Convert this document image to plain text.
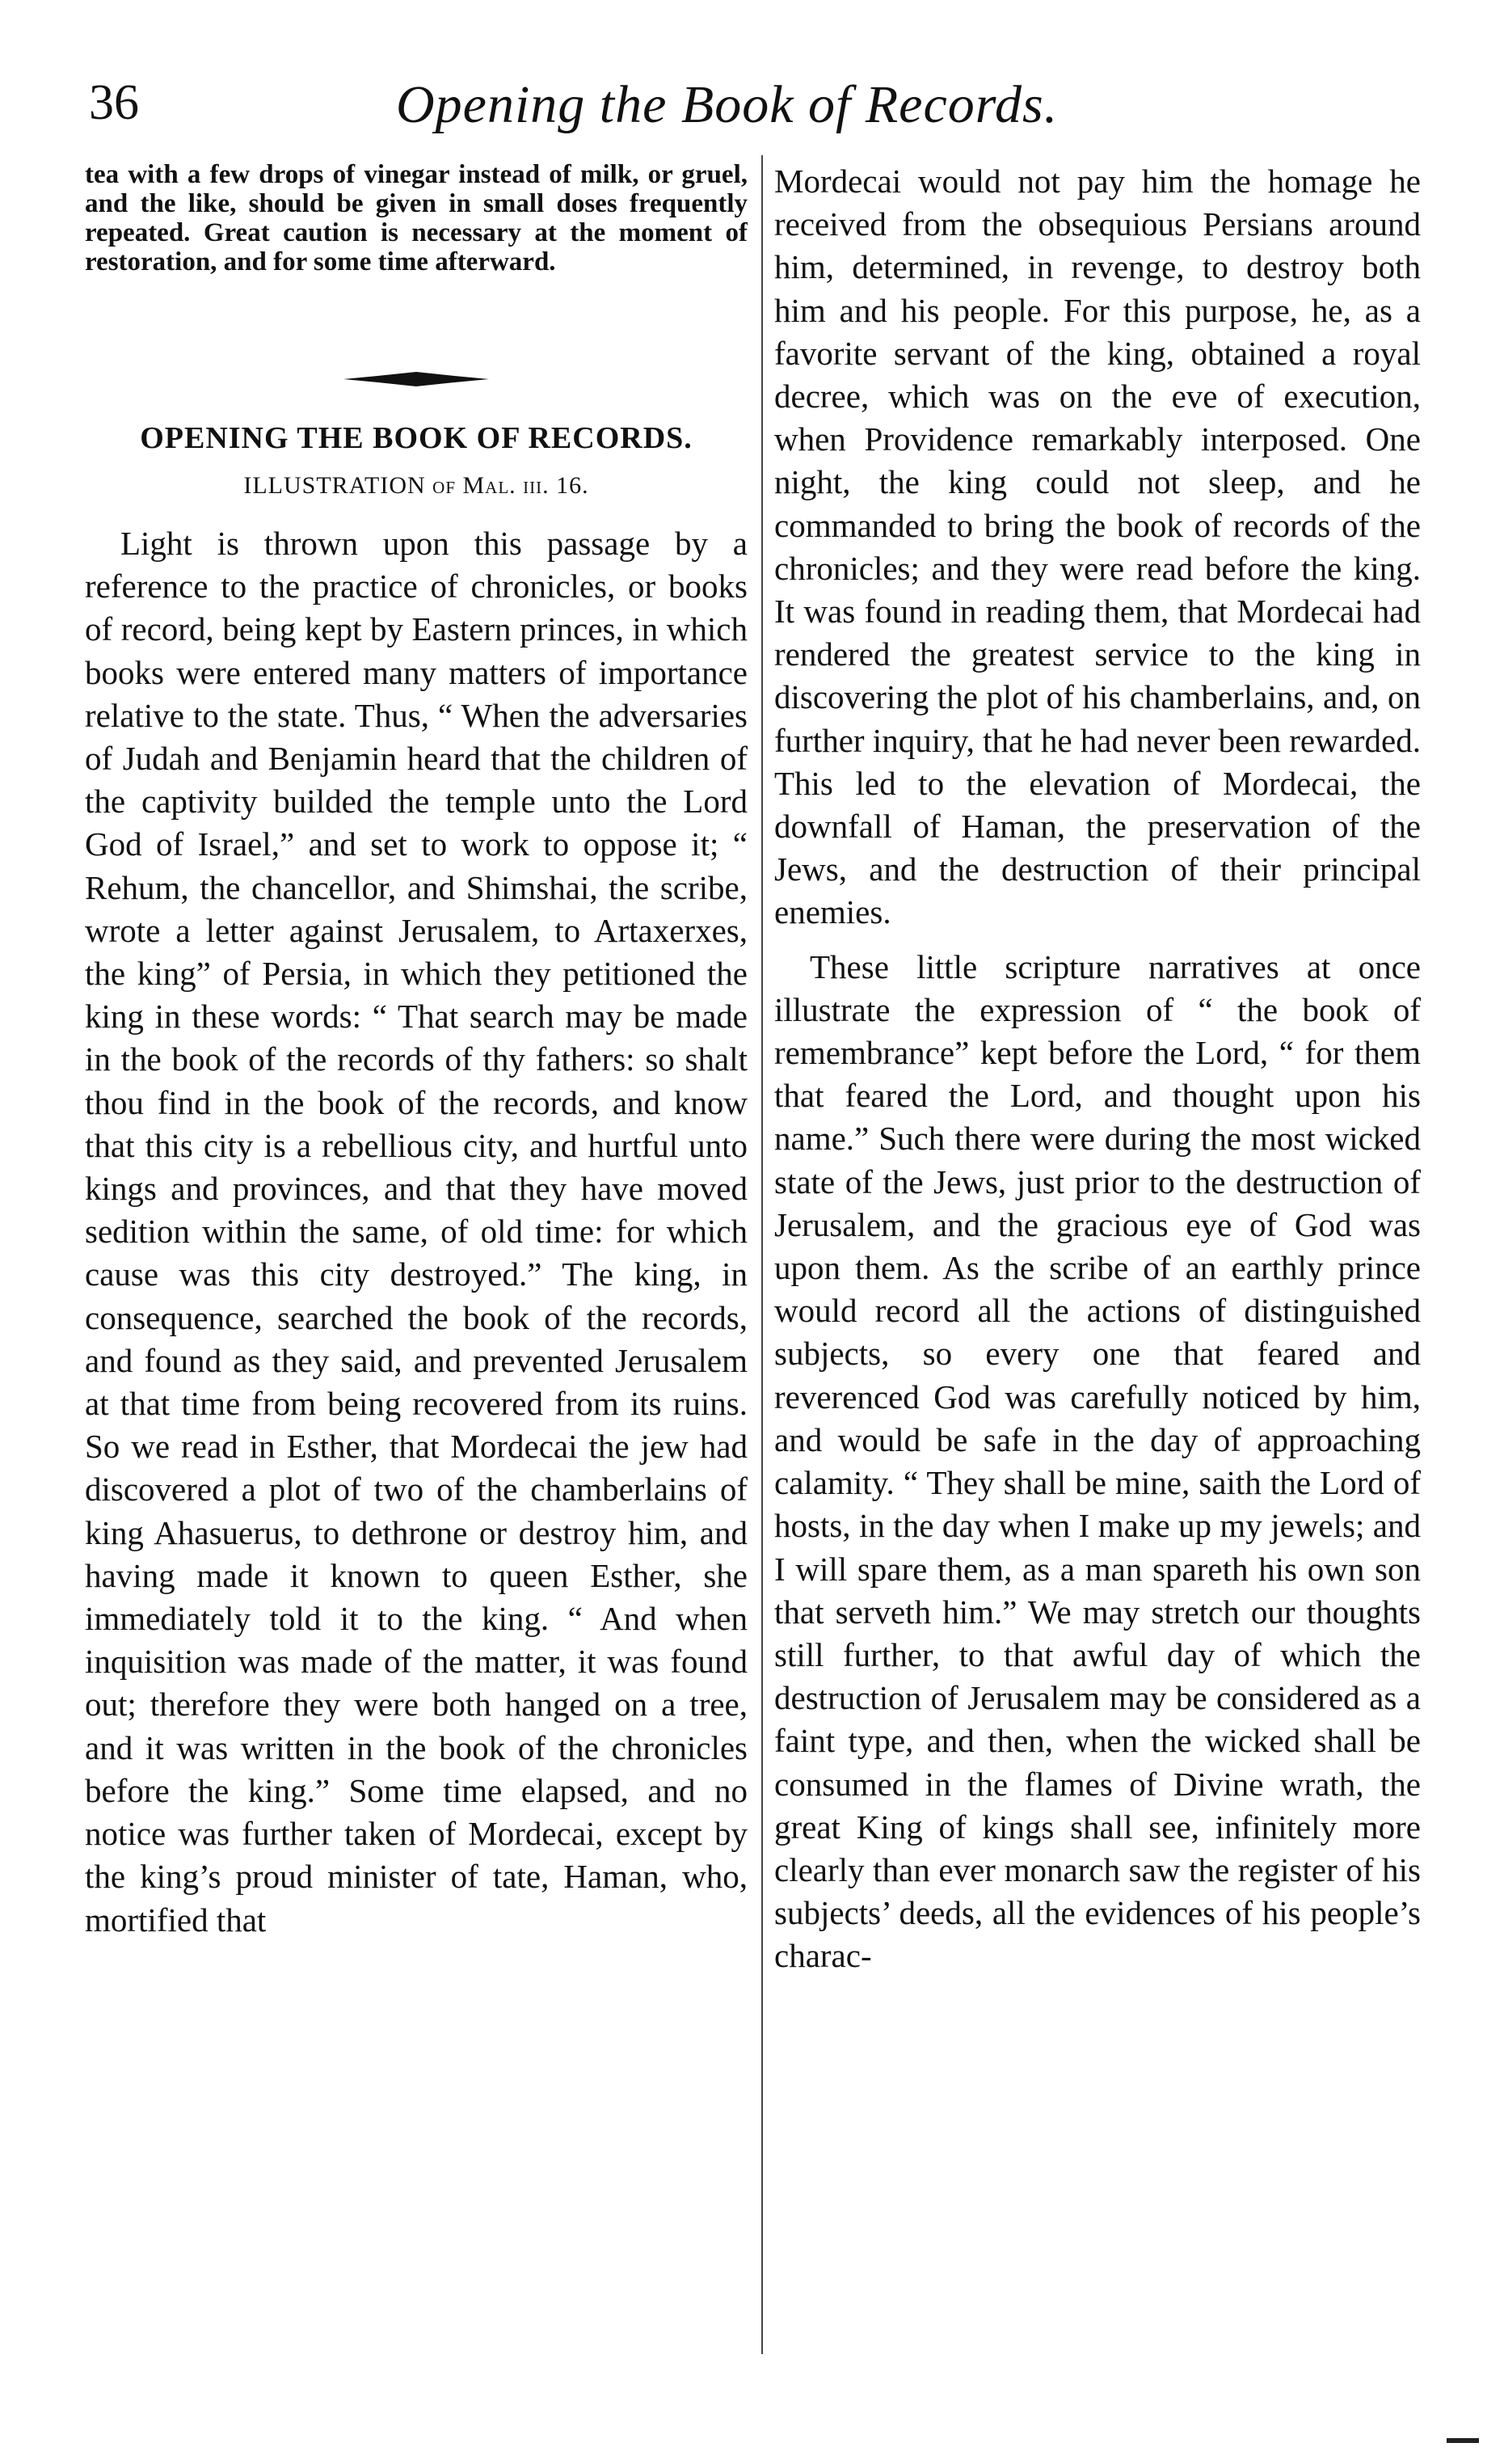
36	Opening the Book of Records.

tea with a few drops of vinegar instead of milk, or gruel, and the like, should be given in small doses frequently repeated. Great caution is necessary at the moment of restoration, and for some time afterward.

OPENING THE BOOK OF RECORDS.
ILLUSTRATION of Mal. iii. 16.

Light is thrown upon this passage by a reference to the practice of chronicles, or books of record, being kept by Eastern princes, in which books were entered many matters of importance relative to the state. Thus, “ When the adversaries of Judah and Benjamin heard that the children of the captivity builded the temple unto the Lord God of Israel,” and set to work to oppose it; “ Rehum, the chancellor, and Shimshai, the scribe, wrote a letter against Jerusalem, to Artaxerxes, the king” of Persia, in which they petitioned the king in these words: “ That search may be made in the book of the records of thy fathers: so shalt thou find in the book of the records, and know that this city is a rebellious city, and hurtful unto kings and provinces, and that they have moved sedition within the same, of old time: for which cause was this city destroyed.” The king, in consequence, searched the book of the records, and found as they said, and prevented Jerusalem at that time from being recovered from its ruins. So we read in Esther, that Mordecai the jew had discovered a plot of two of the chamberlains of king Ahasuerus, to dethrone or destroy him, and having made it known to queen Esther, she immediately told it to the king. “ And when inquisition was made of the matter, it was found out; therefore they were both hanged on a tree, and it was written in the book of the chronicles before the king.” Some time elapsed, and no notice was further taken of Mordecai, except by the king’s proud minister of tate, Haman, who, mortified that

Mordecai would not pay him the homage he received from the obsequious Persians around him, determined, in revenge, to destroy both him and his people. For this purpose, he, as a favorite servant of the king, obtained a royal decree, which was on the eve of execution, when Providence remarkably interposed. One night, the king could not sleep, and he commanded to bring the book of records of the chronicles; and they were read before the king. It was found in reading them, that Mordecai had rendered the greatest service to the king in discovering the plot of his chamberlains, and, on further inquiry, that he had never been rewarded. This led to the elevation of Mordecai, the downfall of Haman, the preservation of the Jews, and the destruction of their principal enemies.

These little scripture narratives at once illustrate the expression of “ the book of remembrance” kept before the Lord, “ for them that feared the Lord, and thought upon his name.” Such there were during the most wicked state of the Jews, just prior to the destruction of Jerusalem, and the gracious eye of God was upon them. As the scribe of an earthly prince would record all the actions of distinguished subjects, so every one that feared and reverenced God was carefully noticed by him, and would be safe in the day of approaching calamity. “ They shall be mine, saith the Lord of hosts, in the day when I make up my jewels; and I will spare them, as a man spareth his own son that serveth him.” We may stretch our thoughts still further, to that awful day of which the destruction of Jerusalem may be considered as a faint type, and then, when the wicked shall be consumed in the flames of Divine wrath, the great King of kings shall see, infinitely more clearly than ever monarch saw the register of his subjects’ deeds, all the evidences of his people’s charac-
